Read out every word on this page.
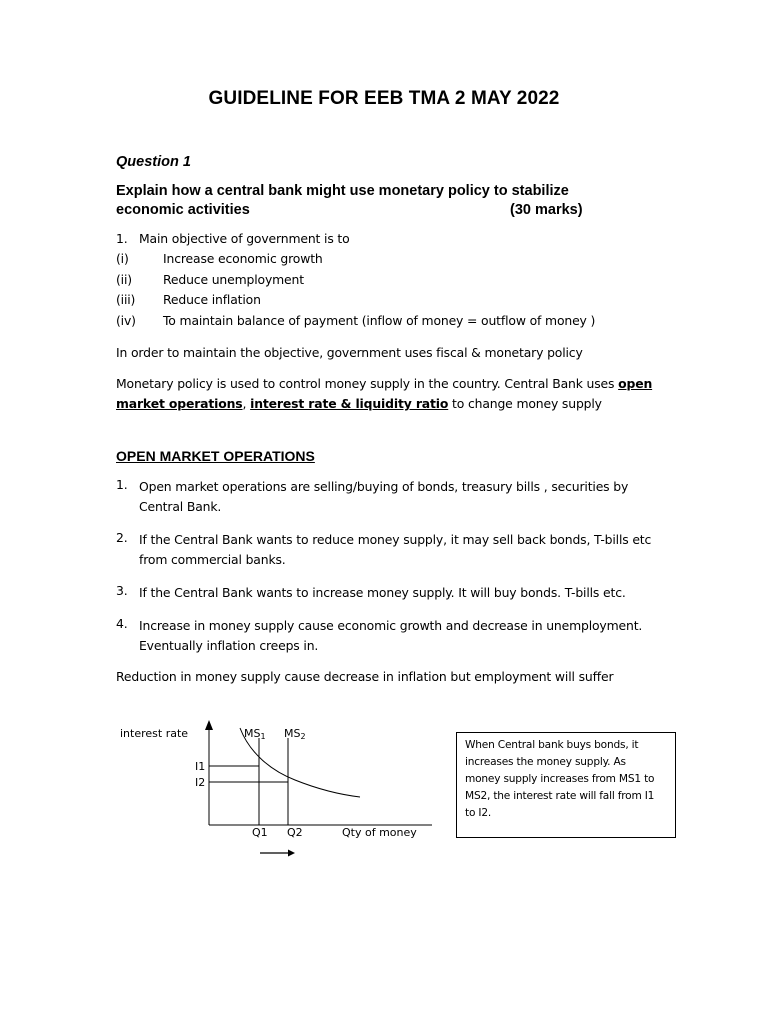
GUIDELINE FOR EEB TMA 2 MAY 2022
Question 1
Explain how a central bank might use monetary policy to stabilize
economic activities	(30 marks)
1. Main objective of government is to
(i)	Increase economic growth
(ii)	Reduce unemployment
(iii) Reduce inflation
(iv) To maintain balance of payment (inflow of money = outflow of money )
In order to maintain the objective, government uses fiscal & monetary policy
Monetary policy is used to control money supply in the country. Central Bank uses open
market operations, interest rate & liquidity ratio to change money supply
OPEN MARKET OPERATIONS
1. Open market operations are selling/buying of bonds, treasury bills , securities by
Central Bank.
2. If the Central Bank wants to reduce money supply, it may sell back bonds, T-bills etc
from commercial banks.
3. If the Central Bank wants to increase money supply. It will buy bonds. T-bills etc.
4. Increase in money supply cause economic growth and decrease in unemployment.
Eventually inflation creeps in.
Reduction in money supply cause decrease in inflation but employment will suffer
interest rate	MS1 MS2
I1
I2
Q1 Q2	Qty of money
When Central bank buys bonds, it
increases the money supply. As
money supply increases from MS1 to
MS2, the interest rate will fall from I1
to I2.
